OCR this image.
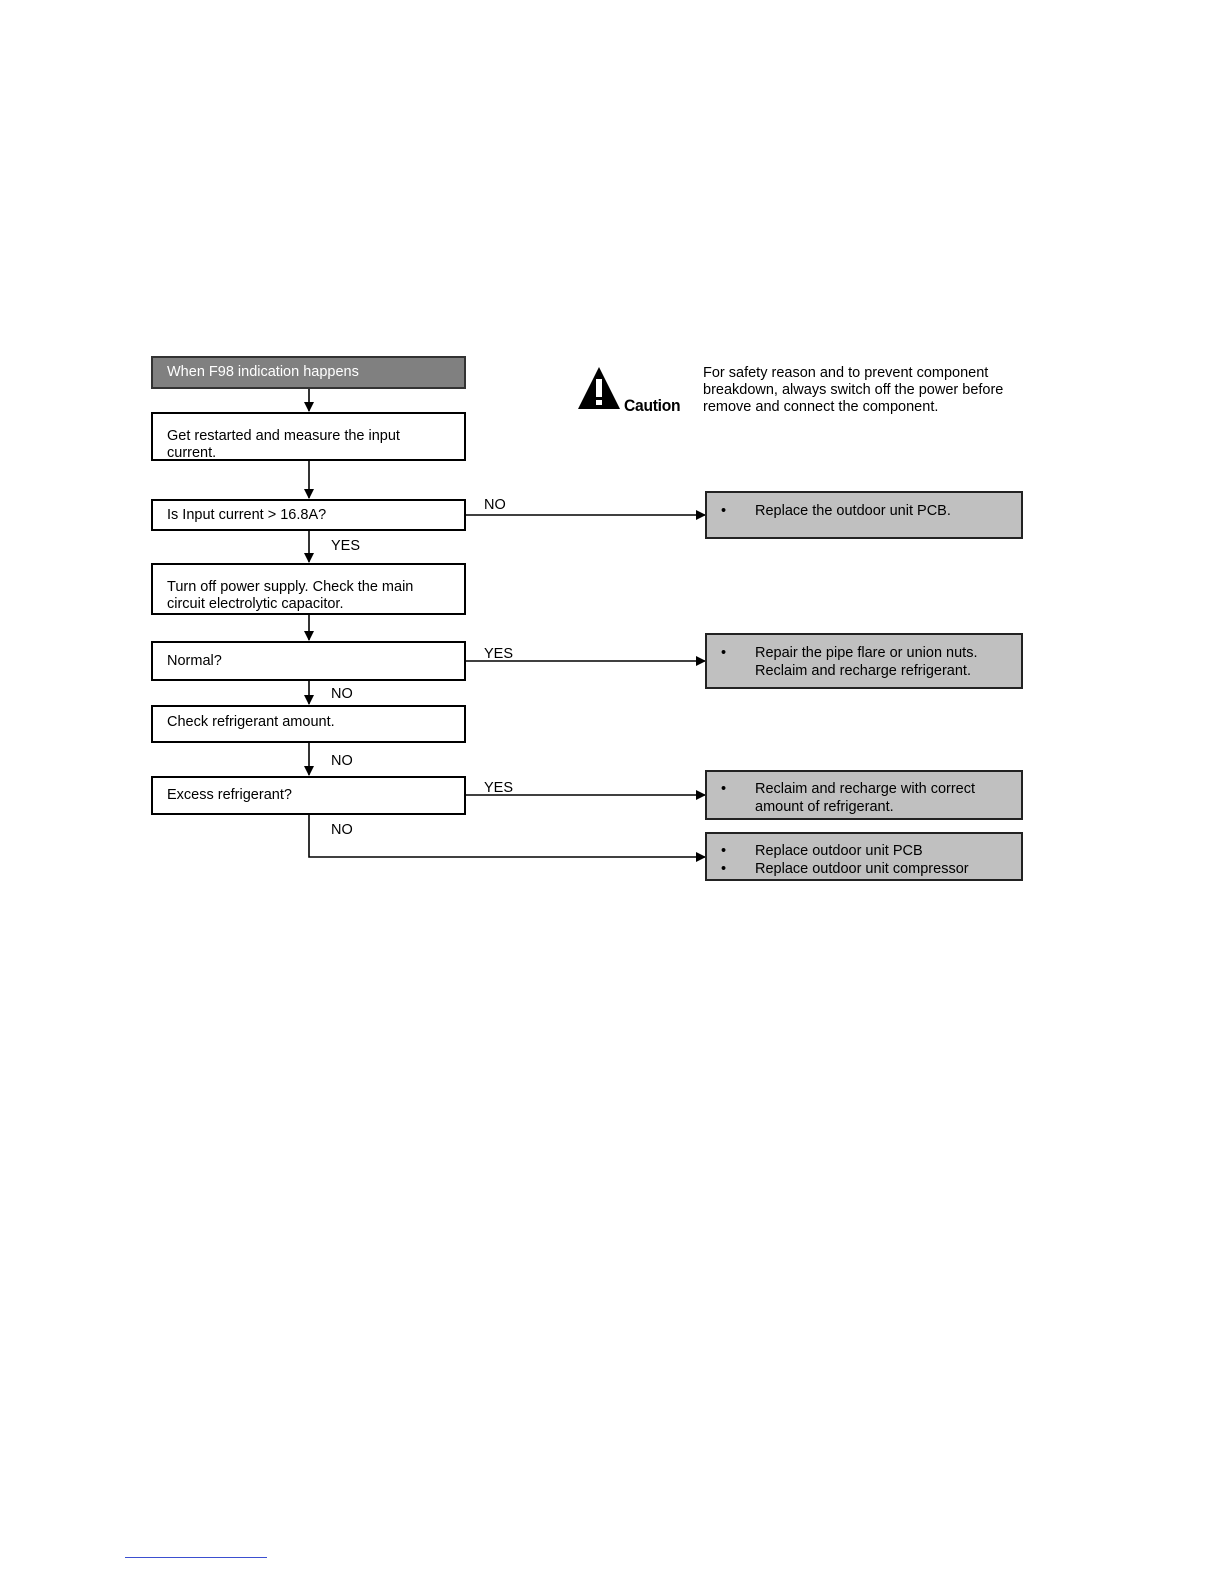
Caution
For safety reason and to prevent component breakdown, always switch off the power before remove and connect the component.
When F98 indication happens
Get restarted and measure the input
current.
Is Input current > 16.8A?
Turn off power supply. Check the main
circuit electrolytic capacitor.
Normal?
Check refrigerant amount.
Excess refrigerant?
NO
YES
YES
NO
NO
YES
NO
•	Replace the outdoor unit PCB.
•	Repair the pipe flare or union nuts.
Reclaim and recharge refrigerant.
•	Reclaim and recharge with correct
amount of refrigerant.
•	Replace outdoor unit PCB
•	Replace outdoor unit compressor
